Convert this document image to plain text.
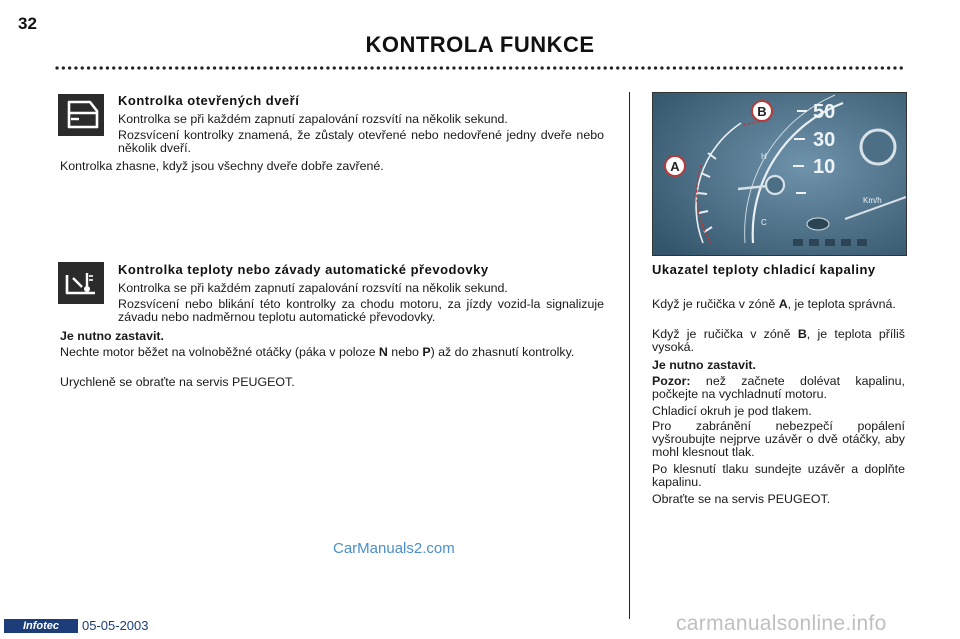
32
KONTROLA FUNKCE
Kontrolka otevřených dveří
Kontrolka se při každém zapnutí zapalování rozsvítí na několik sekund.
Rozsvícení kontrolky znamená, že zůstaly otevřené nebo nedovřené jedny dveře nebo několik dveří.
Kontrolka zhasne, když jsou všechny dveře dobře zavřené.
Kontrolka teploty nebo závady automatické převodovky
Kontrolka se při každém zapnutí zapalování rozsvítí na několik sekund.
Rozsvícení nebo blikání této kontrolky za chodu motoru, za jízdy vozid-la signalizuje závadu nebo nadměrnou teplotu automatické převodovky.
Je nutno zastavit.
Nechte motor běžet na volnoběžné otáčky (páka v poloze N nebo P) až do zhasnutí kontrolky.
Urychleně se obraťte na servis PEUGEOT.
50
30
10
Km/h
H
C
A
B
Ukazatel teploty chladicí kapaliny
Když je ručička v zóně A, je teplota správná.
Když je ručička v zóně B, je teplota příliš vysoká.
Je nutno zastavit.
Pozor: než začnete dolévat kapalinu, počkejte na vychladnutí motoru.
Chladicí okruh je pod tlakem.
Pro zabránění nebezpečí popálení vyšroubujte nejprve uzávěr o dvě otáčky, aby mohl klesnout tlak.
Po klesnutí tlaku sundejte uzávěr a doplňte kapalinu.
Obraťte se na servis PEUGEOT.
CarManuals2.com
Infotec	05-05-2003	carmanualsonline.info
